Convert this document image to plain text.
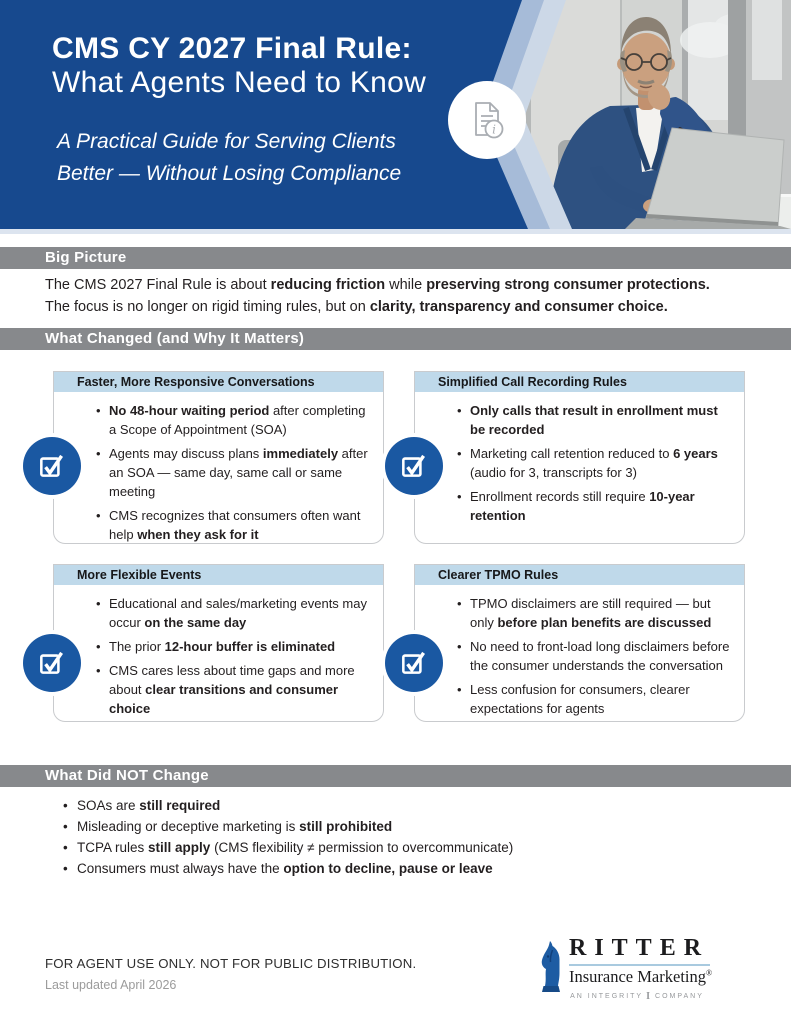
CMS CY 2027 Final Rule:
What Agents Need to Know
A Practical Guide for Serving Clients
Better — Without Losing Compliance
i
Big Picture

The CMS 2027 Final Rule is about reducing friction while preserving strong consumer protections.

The focus is no longer on rigid timing rules, but on clarity, transparency and consumer choice.

What Changed (and Why It Matters)
Faster, More Responsive Conversations
• No 48-hour waiting period after completing a Scope of Appointment (SOA)
• Agents may discuss plans immediately after an SOA — same day, same call or same meeting
• CMS recognizes that consumers often want help when they ask for it
Simplified Call Recording Rules
• Only calls that result in enrollment must be recorded
• Marketing call retention reduced to 6 years (audio for 3, transcripts for 3)
• Enrollment records still require 10-year retention
More Flexible Events
• Educational and sales/marketing events may occur on the same day
• The prior 12-hour buffer is eliminated
• CMS cares less about time gaps and more about clear transitions and consumer choice
Clearer TPMO Rules
• TPMO disclaimers are still required — but only before plan benefits are discussed
• No need to front-load long disclaimers before the consumer understands the conversation
• Less confusion for consumers, clearer expectations for agents
What Did NOT Change
• SOAs are still required
• Misleading or deceptive marketing is still prohibited
• TCPA rules still apply (CMS flexibility ≠ permission to overcommunicate)
• Consumers must always have the option to decline, pause or leave
FOR AGENT USE ONLY. NOT FOR PUBLIC DISTRIBUTION.
Last updated April 2026
RITTER
Insurance Marketing®
AN INTEGRITY I COMPANY
